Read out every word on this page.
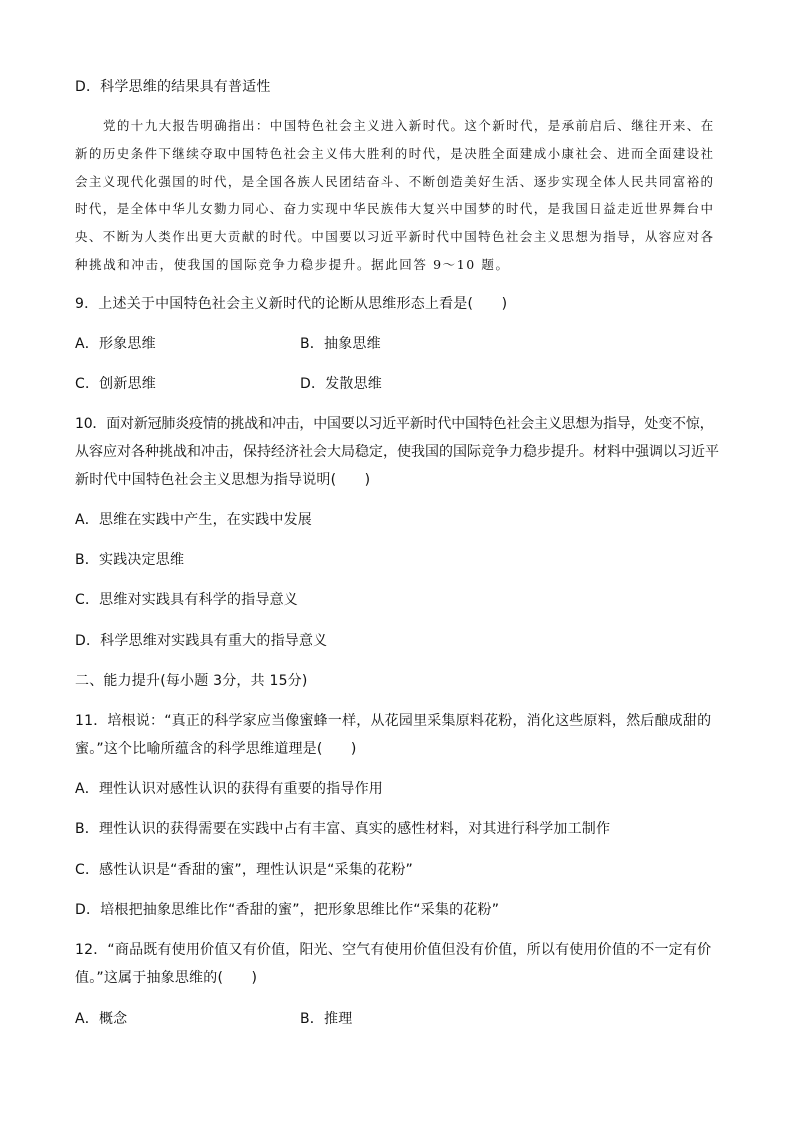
D．科学思维的结果具有普适性
党的十九大报告明确指出：中国特色社会主义进入新时代。这个新时代，是承前启后、继往开来、在
新的历史条件下继续夺取中国特色社会主义伟大胜利的时代，是决胜全面建成小康社会、进而全面建设社
会主义现代化强国的时代，是全国各族人民团结奋斗、不断创造美好生活、逐步实现全体人民共同富裕的
时代，是全体中华儿女勠力同心、奋力实现中华民族伟大复兴中国梦的时代，是我国日益走近世界舞台中
央、不断为人类作出更大贡献的时代。中国要以习近平新时代中国特色社会主义思想为指导，从容应对各
种挑战和冲击，使我国的国际竞争力稳步提升。据此回答 9～10 题。
9．上述关于中国特色社会主义新时代的论断从思维形态上看是(　　)
A．形象思维	B．抽象思维
C．创新思维	D．发散思维
10．面对新冠肺炎疫情的挑战和冲击，中国要以习近平新时代中国特色社会主义思想为指导，处变不惊，
从容应对各种挑战和冲击，保持经济社会大局稳定，使我国的国际竞争力稳步提升。材料中强调以习近平
新时代中国特色社会主义思想为指导说明(　　)
A．思维在实践中产生，在实践中发展
B．实践决定思维
C．思维对实践具有科学的指导意义
D．科学思维对实践具有重大的指导意义
二、能力提升(每小题 3分，共 15分)
11．培根说：“真正的科学家应当像蜜蜂一样，从花园里采集原料花粉，消化这些原料，然后酿成甜的
蜜。”这个比喻所蕴含的科学思维道理是(　　)
A．理性认识对感性认识的获得有重要的指导作用
B．理性认识的获得需要在实践中占有丰富、真实的感性材料，对其进行科学加工制作
C．感性认识是“香甜的蜜”，理性认识是“采集的花粉”
D．培根把抽象思维比作“香甜的蜜”，把形象思维比作“采集的花粉”
12．“商品既有使用价值又有价值，阳光、空气有使用价值但没有价值，所以有使用价值的不一定有价
值。”这属于抽象思维的(　　)
A．概念	B．推理
